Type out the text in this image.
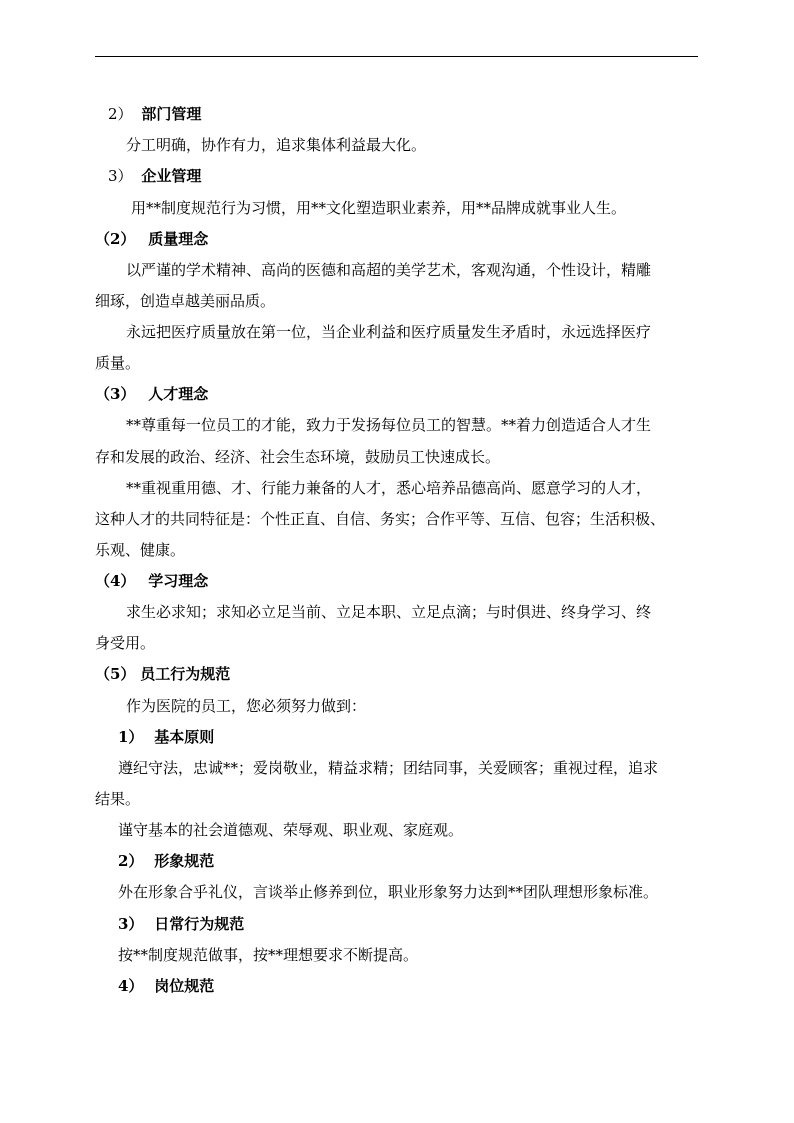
2） 部门管理
分工明确，协作有力，追求集体利益最大化。
3） 企业管理
用**制度规范行为习惯，用**文化塑造职业素养，用**品牌成就事业人生。
（2） 质量理念
以严谨的学术精神、高尚的医德和高超的美学艺术，客观沟通，个性设计，精雕
细琢，创造卓越美丽品质。
永远把医疗质量放在第一位，当企业利益和医疗质量发生矛盾时，永远选择医疗
质量。
（3） 人才理念
**尊重每一位员工的才能，致力于发扬每位员工的智慧。**着力创造适合人才生
存和发展的政治、经济、社会生态环境，鼓励员工快速成长。
**重视重用德、才、行能力兼备的人才，悉心培养品德高尚、愿意学习的人才，
这种人才的共同特征是：个性正直、自信、务实；合作平等、互信、包容；生活积极、
乐观、健康。
（4） 学习理念
求生必求知；求知必立足当前、立足本职、立足点滴；与时俱进、终身学习、终
身受用。
（5） 员工行为规范
作为医院的员工，您必须努力做到：
1） 基本原则
遵纪守法，忠诚**；爱岗敬业，精益求精；团结同事，关爱顾客；重视过程，追求
结果。
谨守基本的社会道德观、荣辱观、职业观、家庭观。
2） 形象规范
外在形象合乎礼仪，言谈举止修养到位，职业形象努力达到**团队理想形象标准。
3） 日常行为规范
按**制度规范做事，按**理想要求不断提高。
4） 岗位规范
